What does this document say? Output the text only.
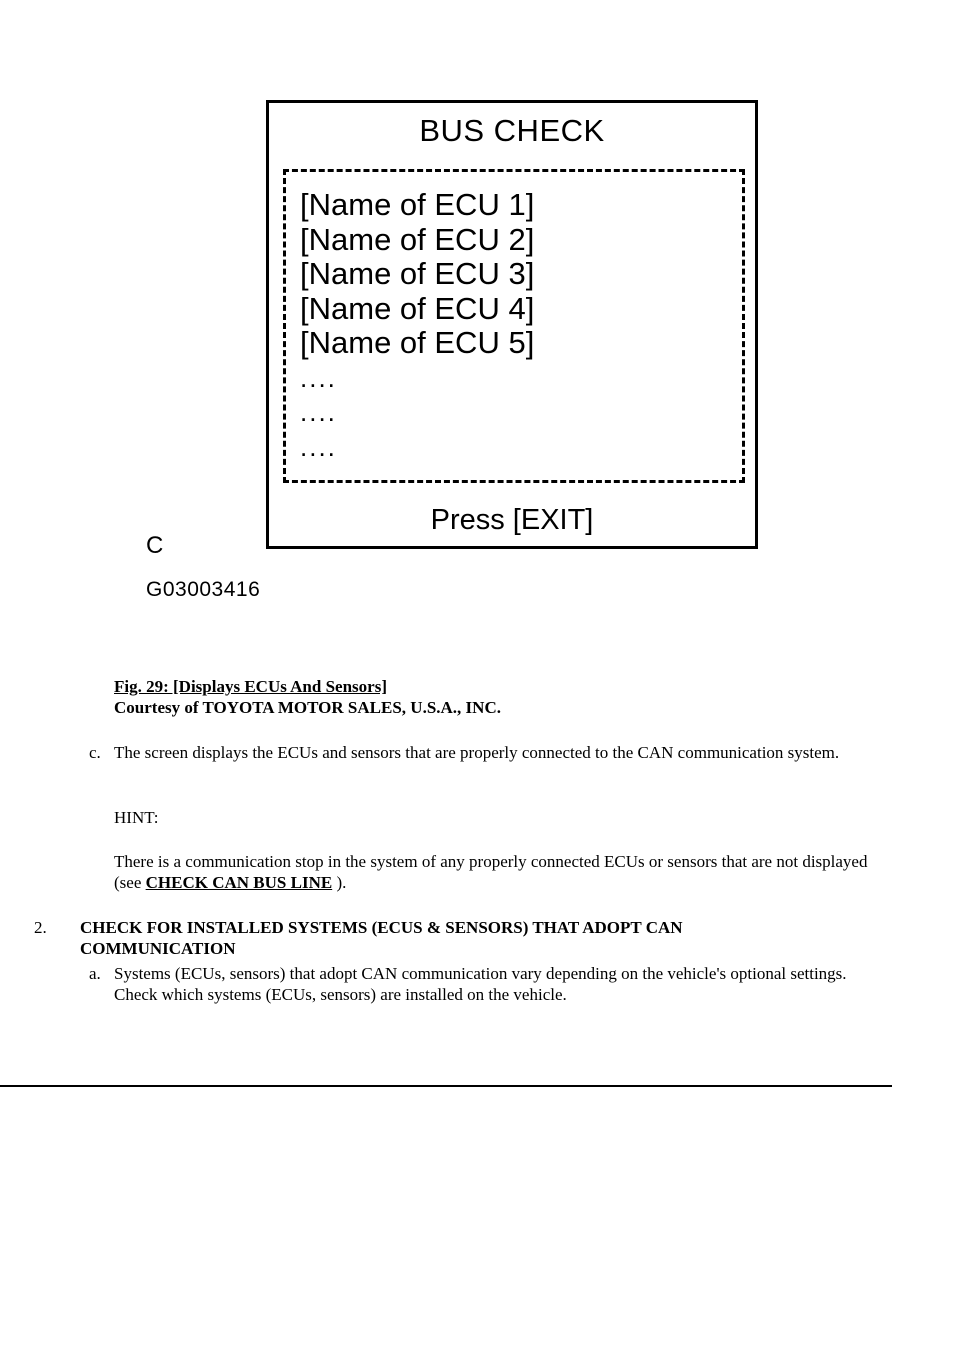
BUS CHECK
[Name of ECU 1]
[Name of ECU 2]
[Name of ECU 3]
[Name of ECU 4]
[Name of ECU 5]
....
....
....
Press [EXIT]
C
G03003416
Fig. 29: [Displays ECUs And Sensors]
Courtesy of TOYOTA MOTOR SALES, U.S.A., INC.
c. The screen displays the ECUs and sensors that are properly connected to the CAN communication system.
HINT:
There is a communication stop in the system of any properly connected ECUs or sensors that are not displayed (see CHECK CAN BUS LINE ).
2. CHECK FOR INSTALLED SYSTEMS (ECUS & SENSORS) THAT ADOPT CAN COMMUNICATION
a. Systems (ECUs, sensors) that adopt CAN communication vary depending on the vehicle's optional settings. Check which systems (ECUs, sensors) are installed on the vehicle.
